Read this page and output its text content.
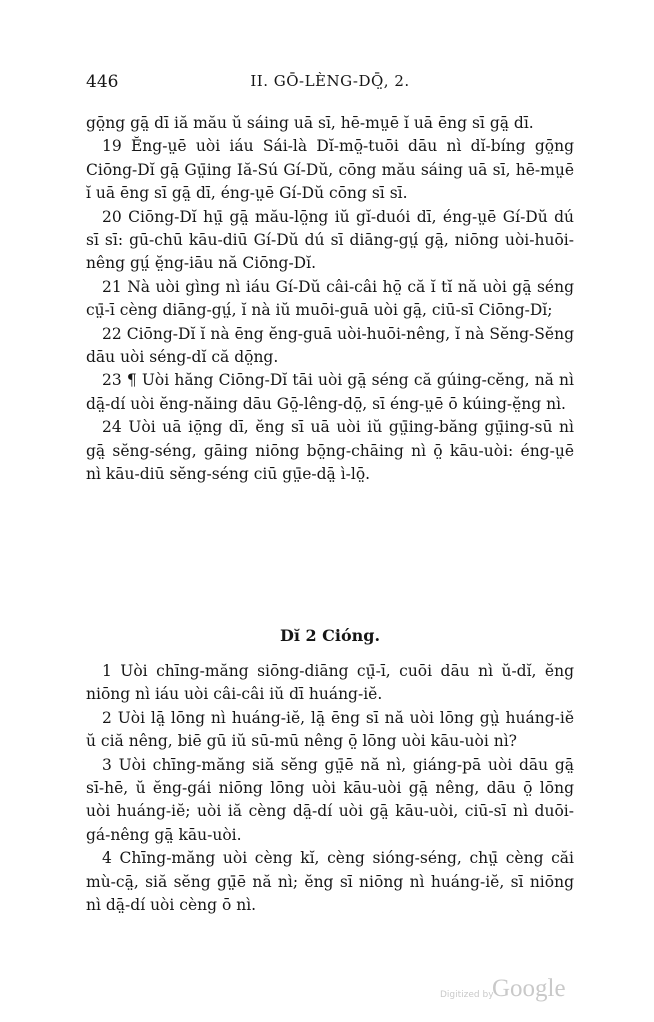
446	II. GŌ-LÈNG-DŌ̤, 2.

gō̤ng gā̤ dī iă mău ŭ sáing uā sī, hē-mṳē ĭ uā ēng sī gā̤ dī.

19 Ĕng-ṳē uòi iáu Sái-là Dĭ-mō̤-tuōi dāu nì dĭ-bíng gō̤ng Ciōng-Dĭ gā̤ Gṳ̄ing Iă-Sú Gí-Dŭ, cōng mău sáing uā sī, hē-mṳē ĭ uā ēng sī gā̤ dī, éng-ṳē Gí-Dŭ cōng sī sī.

20 Ciōng-Dĭ hṳ̄ gā̤ mău-lō̤ng iŭ gĭ-duói dī, éng-ṳē Gí-Dŭ dú sī sī: gū-chū kāu-diū Gí-Dŭ dú sī diāng-gṳ́ gā̤, niōng uòi-huōi-nêng gṳ́ ĕ̤ng-iāu nă Ciōng-Dĭ.

21 Nà uòi gìng nì iáu Gí-Dŭ câi-câi hō̤ că ĭ tĭ nă uòi gā̤ séng cṳ̄-ī cèng diāng-gṳ́, ĭ nà iŭ muōi-guā uòi gā̤, ciū-sī Ciōng-Dĭ;

22 Ciōng-Dĭ ĭ nà ēng ĕng-guā uòi-huōi-nêng, ĭ nà Sĕng-Sĕng dāu uòi séng-dĭ că dō̤ng.

23 ¶ Uòi hăng Ciōng-Dĭ tāi uòi gā̤ séng că gúing-cĕng, nă nì dā̤-dí uòi ĕng-năing dāu Gō̤-lêng-dō̤, sī éng-ṳē ō kúing-ĕ̤ng nì.

24 Uòi uā iō̤ng dī, ĕng sī uā uòi iŭ gṳ̄ing-băng gṳ̄ing-sū nì gā̤ sĕng-séng, gāing niōng bō̤ng-chāing nì ō̤ kāu-uòi: éng-ṳē nì kāu-diū sĕng-séng ciū gṳ̄e-dā̤ ì-lō̤.

Dĭ 2 Cióng.

1 Uòi chīng-măng siōng-diāng cṳ̄-ī, cuōi dāu nì ŭ-dĭ, ĕng niōng nì iáu uòi câi-câi iŭ dī huáng-iĕ.

2 Uòi lā̤ lōng nì huáng-iĕ, lā̤ ēng sī nă uòi lōng gṳ̀ huáng-iĕ ŭ ciă nêng, biē gū iŭ sū-mū nêng ō̤ lōng uòi kāu-uòi nì?

3 Uòi chīng-măng siă sĕng gṳ̄ē nă nì, giáng-pā uòi dāu gā̤ sī-hē, ŭ ĕng-gái niōng lōng uòi kāu-uòi gā̤ nêng, dāu ō̤ lōng uòi huáng-iĕ; uòi iă cèng dā̤-dí uòi gā̤ kāu-uòi, ciū-sī nì duōi-gá-nêng gā̤ kāu-uòi.

4 Chīng-măng uòi cèng kĭ, cèng sióng-séng, chṳ̄ cèng căi mù-cā̤, siă sĕng gṳ̄ē nă nì; ĕng sī niōng nì huáng-iĕ, sī niōng nì dā̤-dí uòi cèng ō nì.

Digitized by
Google
